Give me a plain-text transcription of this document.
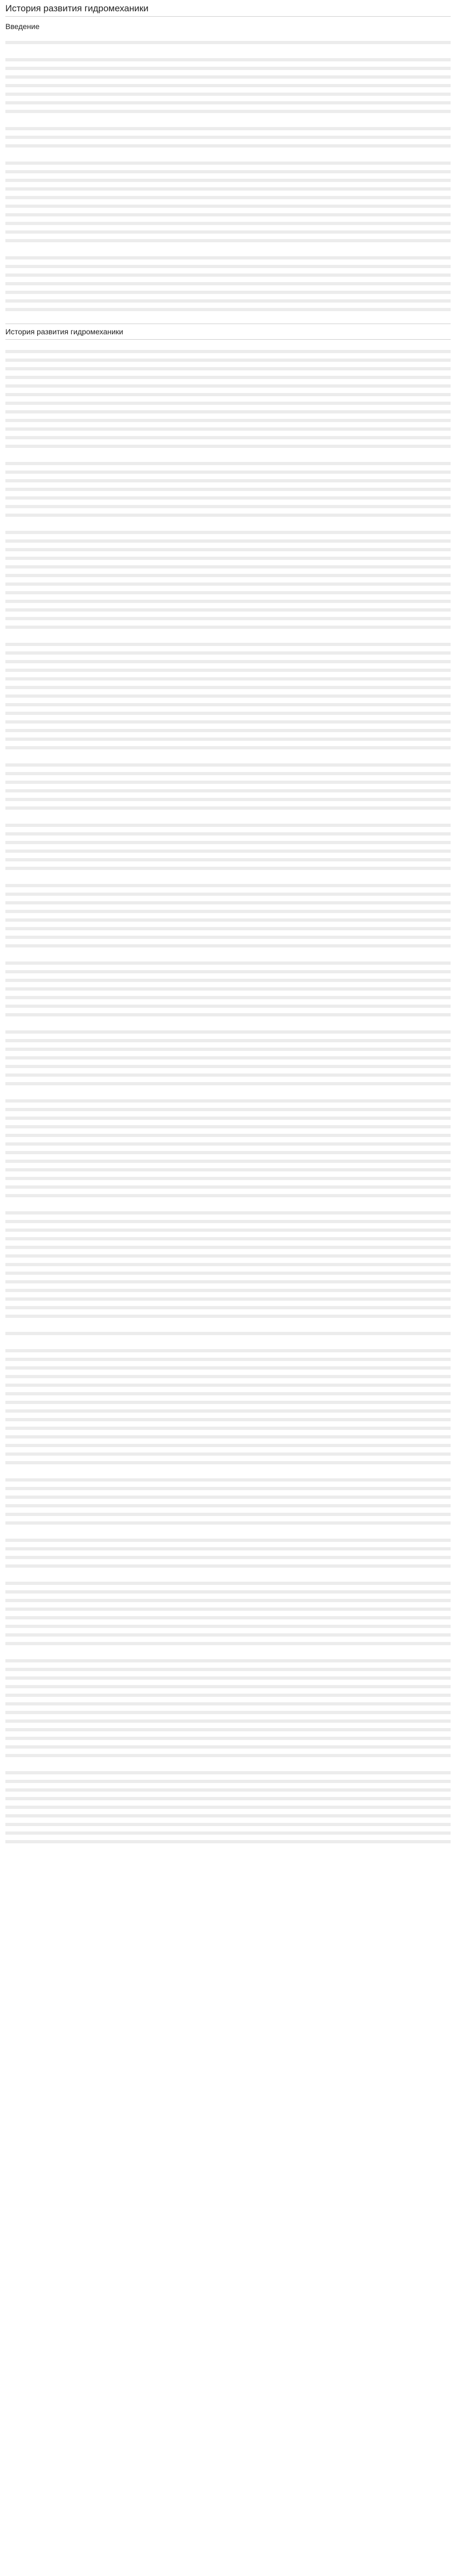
История развития гидромеханики
Введение

История развития гидромеханики
